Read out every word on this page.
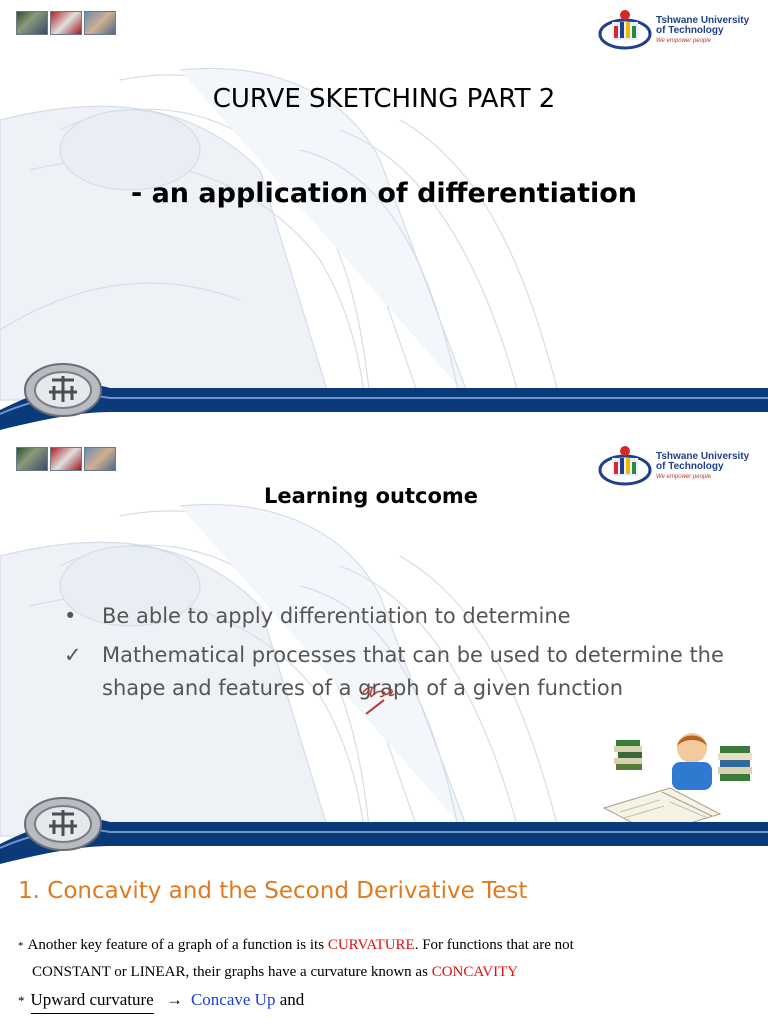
Tshwane University
of Technology
We empower people
CURVE SKETCHING PART 2
- an application of differentiation
Tshwane University
of Technology
We empower people
Learning outcome
•	Be able to apply differentiation to determine
✓ Mathematical processes that can be used to determine the shape and features of a graph of a given function
1. Concavity and the Second Derivative Test
* Another key feature of a graph of a function is its CURVATURE. For functions that are not
CONSTANT or LINEAR, their graphs have a curvature known as CONCAVITY
* Upward curvature → Concave Up and
